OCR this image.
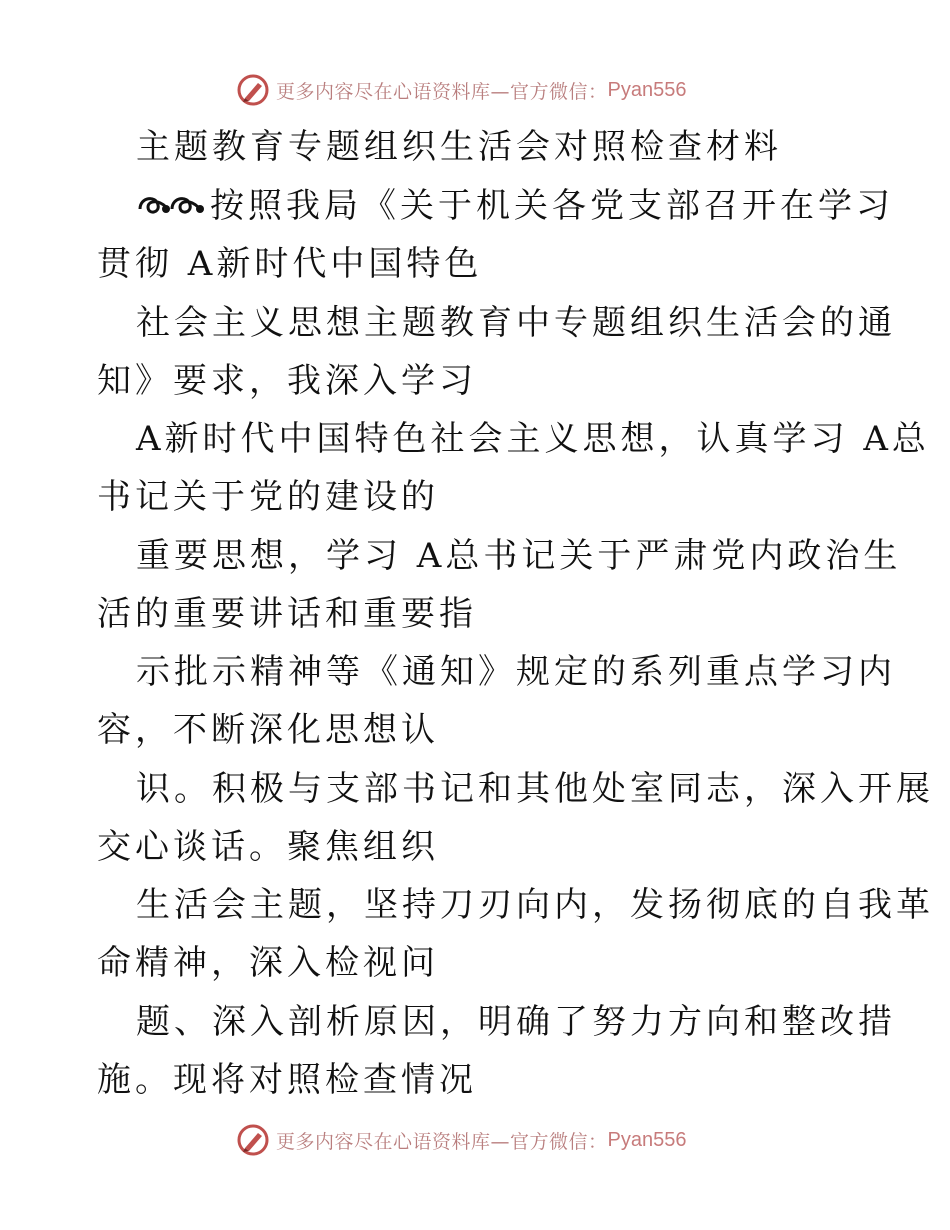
更多内容尽在心语资料库—官方微信： Pyan556

主题教育专题组织生活会对照检查材料

按照我局《关于机关各党支部召开在学习

贯彻 A新时代中国特色

社会主义思想主题教育中专题组织生活会的通

知》要求，我深入学习

A新时代中国特色社会主义思想，认真学习 A总

书记关于党的建设的

重要思想，学习 A总书记关于严肃党内政治生

活的重要讲话和重要指

示批示精神等《通知》规定的系列重点学习内

容，不断深化思想认

识。积极与支部书记和其他处室同志，深入开展

交心谈话。聚焦组织

生活会主题，坚持刀刃向内，发扬彻底的自我革

命精神，深入检视问

题、深入剖析原因，明确了努力方向和整改措

施。现将对照检查情况

更多内容尽在心语资料库—官方微信： Pyan556
